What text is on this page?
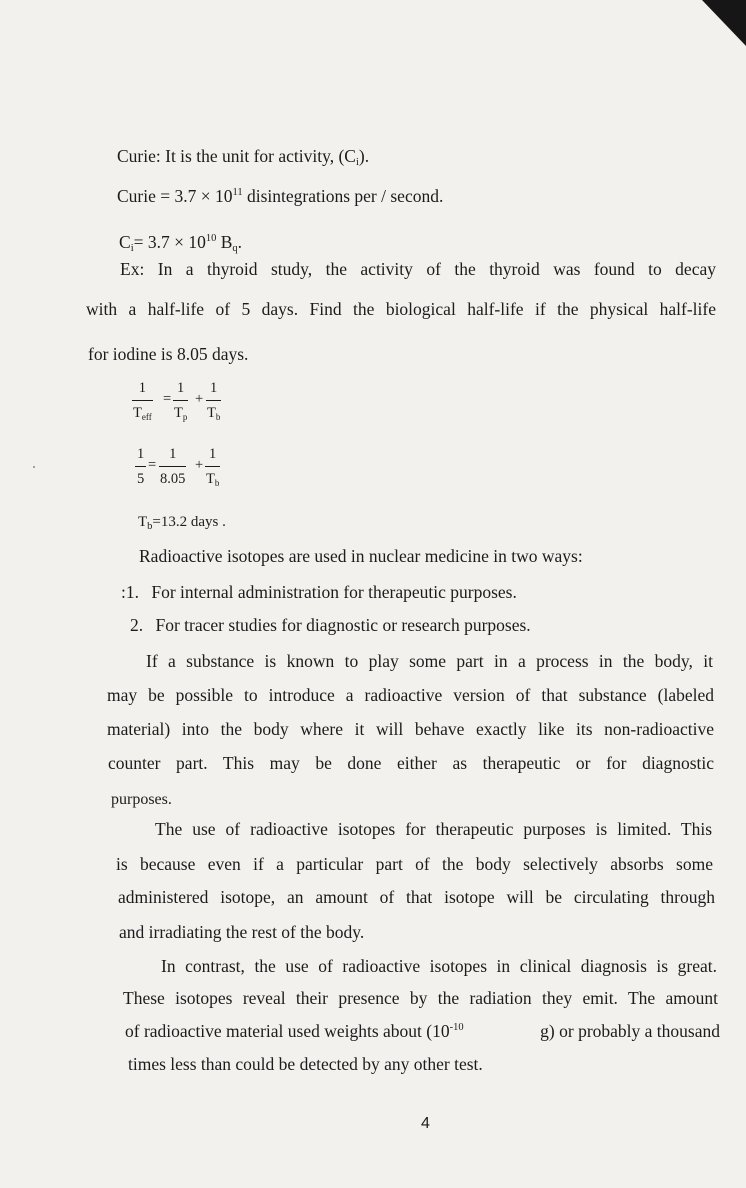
Curie: It is the unit for activity, $(C_i)$.
Curie = $3.7 \times 10^{11}$ disintegrations per / second.
$C_i= 3.7 \times 10^{10}$ $B_q$.
Ex: In a thyroid study, the activity of the thyroid was found to decay
with a half-life of 5 days. Find the biological half-life if the physical half-life
for iodine is 8.05 days.
1
$T_{eff}$
=
1
$T_p$
+
1
$T_b$
1
5
=
1
8.05
+
1
$T_b$
$T_b=13.2$ days .
Radioactive isotopes are used in nuclear medicine in two ways:
:1. For internal administration for therapeutic purposes.
2. For tracer studies for diagnostic or research purposes.
If a substance is known to play some part in a process in the body, it
may be possible to introduce a radioactive version of that substance (labeled
material) into the body where it will behave exactly like its non-radioactive
counter part. This may be done either as therapeutic or for diagnostic
purposes.
The use of radioactive isotopes for therapeutic purposes is limited. This
is because even if a particular part of the body selectively absorbs some
administered isotope, an amount of that isotope will be circulating through
and irradiating the rest of the body.
In contrast, the use of radioactive isotopes in clinical diagnosis is great.
These isotopes reveal their presence by the radiation they emit. The amount
of radioactive material used weights about ($10^{-10}$	g) or probably a thousand
times less than could be detected by any other test.
4
